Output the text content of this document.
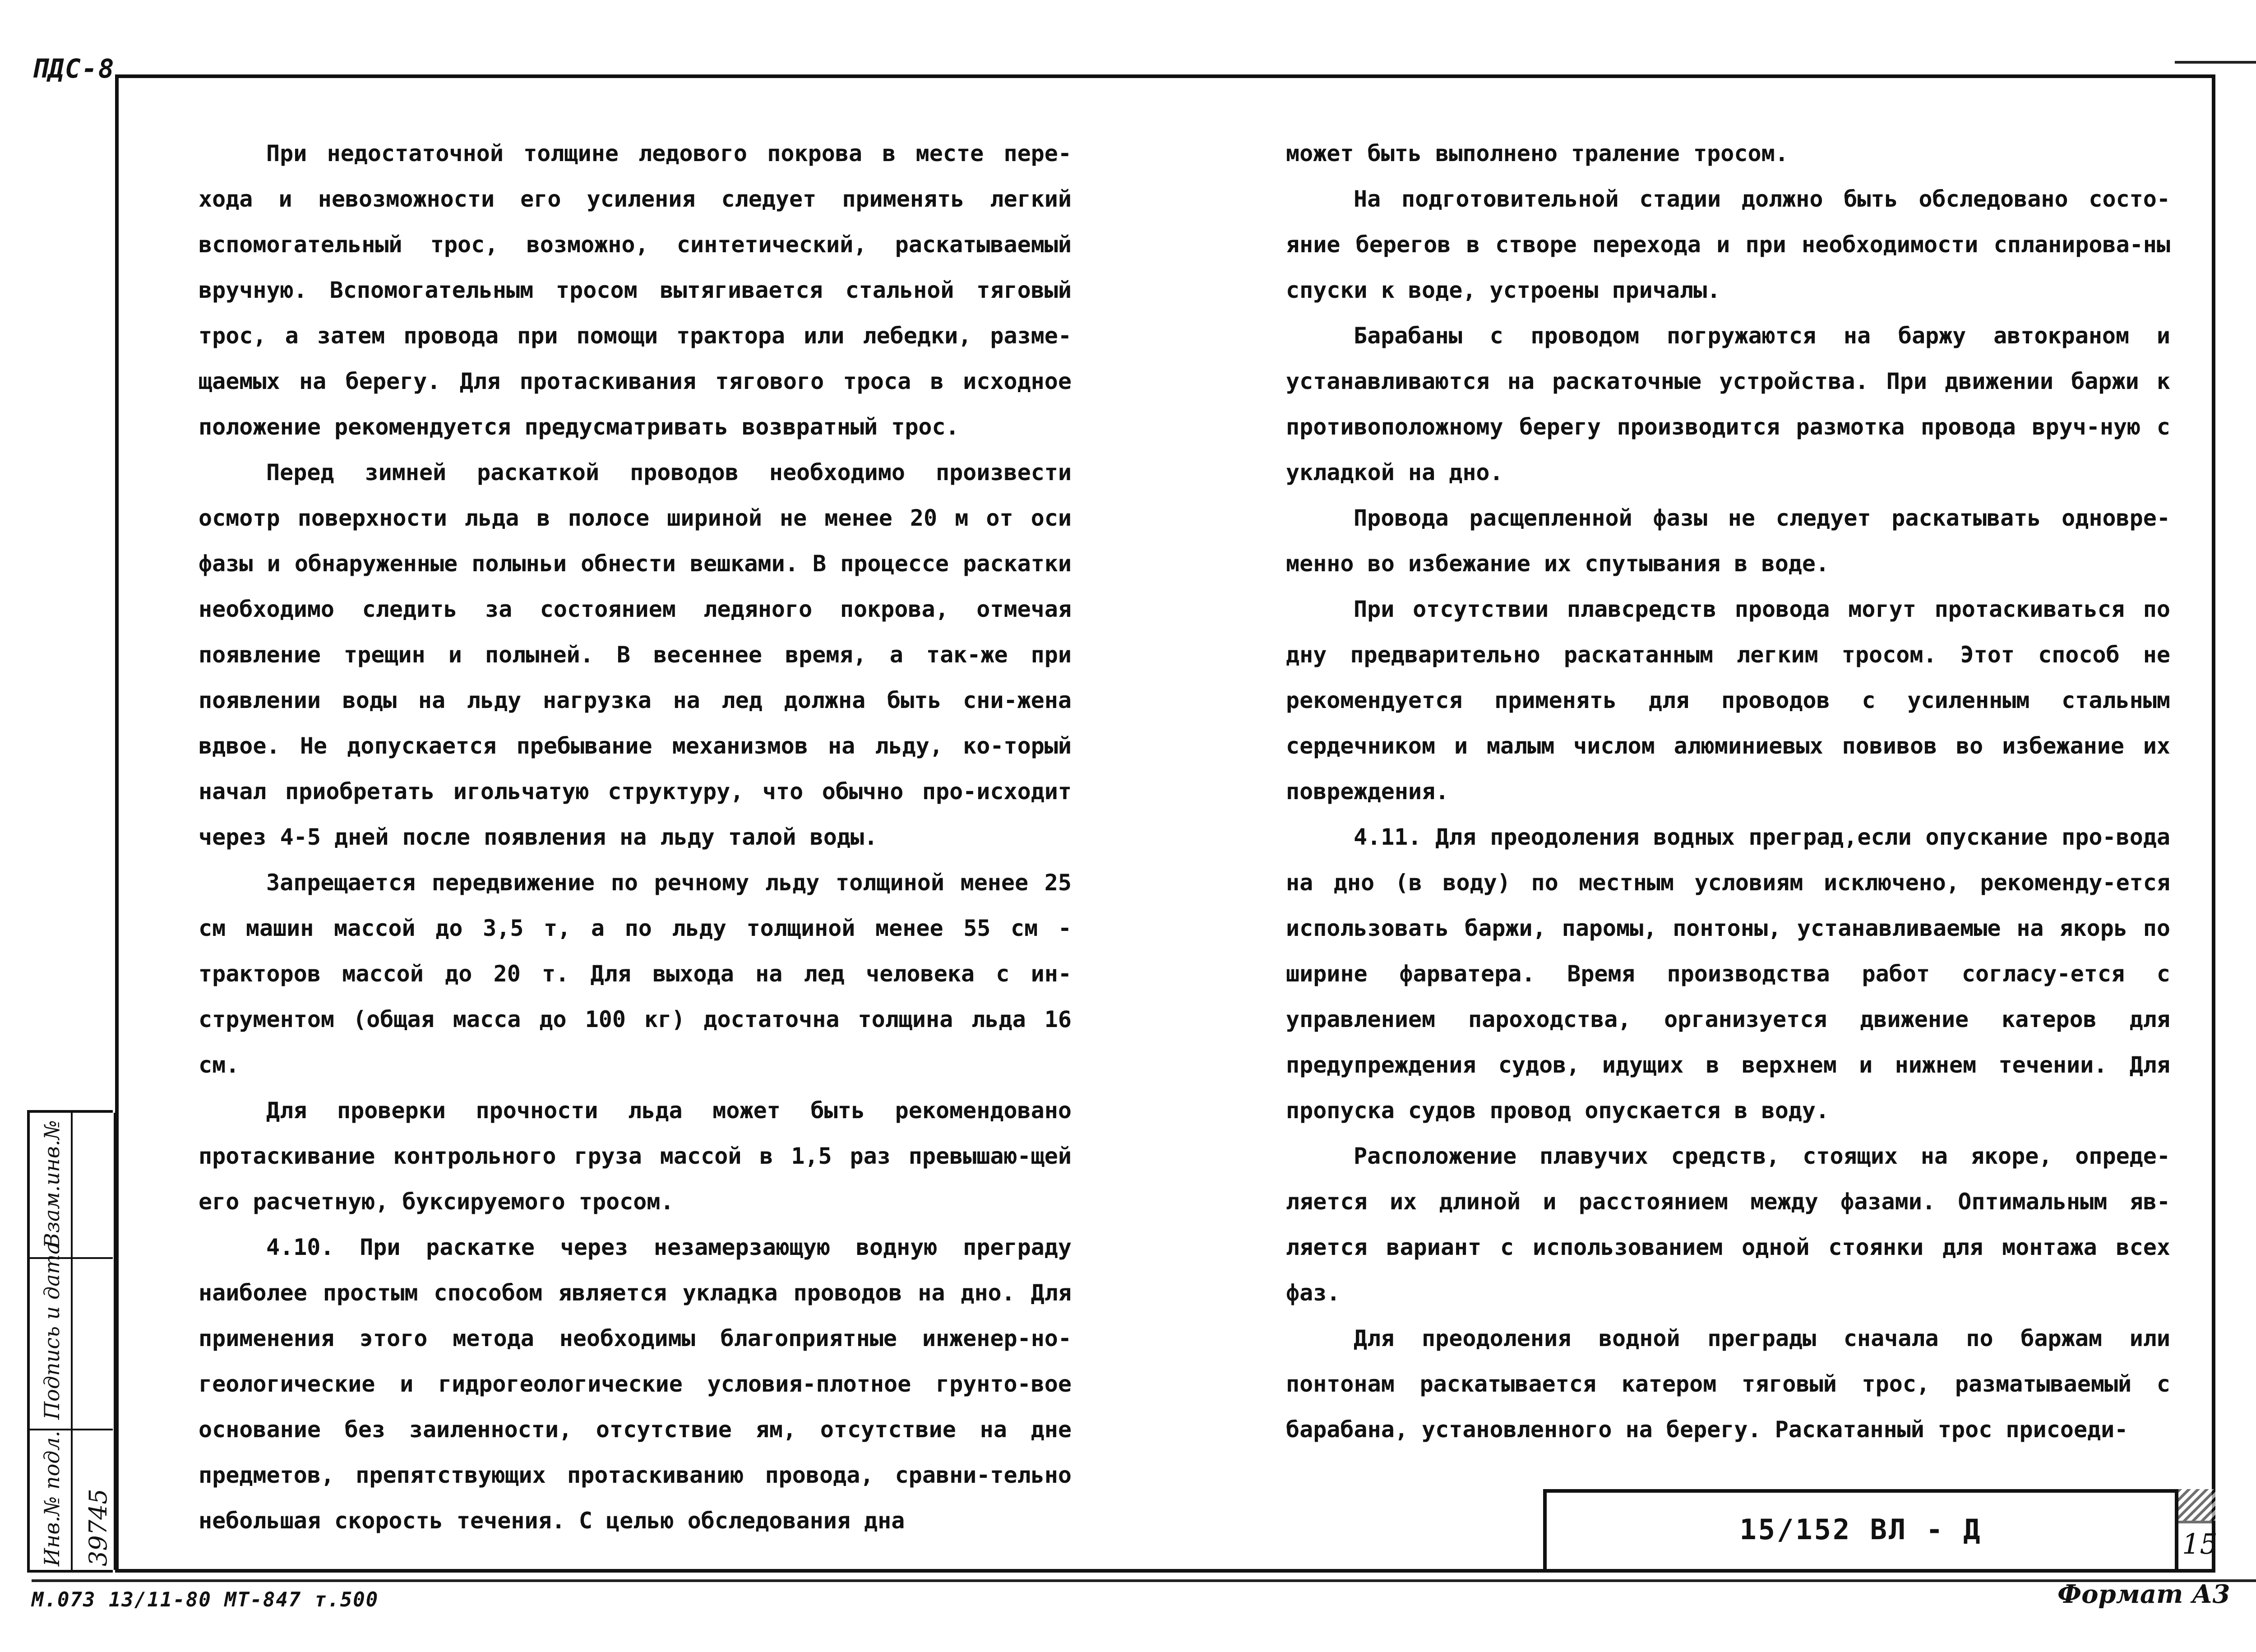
ПДС-8

При недостаточной толщине ледового покрова в месте пере-хода и невозможности его усиления следует применять легкий вспомогательный трос, возможно, синтетический, раскатываемый вручную. Вспомогательным тросом вытягивается стальной тяговый трос, а затем провода при помощи трактора или лебедки, разме-щаемых на берегу. Для протаскивания тягового троса в исходное положение рекомендуется предусматривать возвратный трос.

Перед зимней раскаткой проводов необходимо произвести осмотр поверхности льда в полосе шириной не менее 20 м от оси фазы и обнаруженные полыньи обнести вешками. В процессе раскатки необходимо следить за состоянием ледяного покрова, отмечая появление трещин и полыней. В весеннее время, а так-же при появлении воды на льду нагрузка на лед должна быть сни-жена вдвое. Не допускается пребывание механизмов на льду, ко-торый начал приобретать игольчатую структуру, что обычно про-исходит через 4-5 дней после появления на льду талой воды.

Запрещается передвижение по речному льду толщиной менее 25 см машин массой до 3,5 т, а по льду толщиной менее 55 см - тракторов массой до 20 т. Для выхода на лед человека с ин-струментом (общая масса до 100 кг) достаточна толщина льда 16 см.

Для проверки прочности льда может быть рекомендовано протаскивание контрольного груза массой в 1,5 раз превышаю-щей его расчетную, буксируемого тросом.

4.10. При раскатке через незамерзающую водную преграду наиболее простым способом является укладка проводов на дно. Для применения этого метода необходимы благоприятные инженер-но-геологические и гидрогеологические условия-плотное грунто-вое основание без заиленности, отсутствие ям, отсутствие на дне предметов, препятствующих протаскиванию провода, сравни-тельно небольшая скорость течения. С целью обследования дна

может быть выполнено траление тросом.

На подготовительной стадии должно быть обследовано состо-яние берегов в створе перехода и при необходимости спланирова-ны спуски к воде, устроены причалы.

Барабаны с проводом погружаются на баржу автокраном и устанавливаются на раскаточные устройства. При движении баржи к противоположному берегу производится размотка провода вруч-ную с укладкой на дно.

Провода расщепленной фазы не следует раскатывать одновре-менно во избежание их спутывания в воде.

При отсутствии плавсредств провода могут протаскиваться по дну предварительно раскатанным легким тросом. Этот способ не рекомендуется применять для проводов с усиленным стальным сердечником и малым числом алюминиевых повивов во избежание их повреждения.

4.11. Для преодоления водных преград,если опускание про-вода на дно (в воду) по местным условиям исключено, рекоменду-ется использовать баржи, паромы, понтоны, устанавливаемые на якорь по ширине фарватера. Время производства работ согласу-ется с управлением пароходства, организуется движение катеров для предупреждения судов, идущих в верхнем и нижнем течении. Для пропуска судов провод опускается в воду.

Расположение плавучих средств, стоящих на якоре, опреде-ляется их длиной и расстоянием между фазами. Оптимальным яв-ляется вариант с использованием одной стоянки для монтажа всех фаз.

Для преодоления водной преграды сначала по баржам или понтонам раскатывается катером тяговый трос, разматываемый с барабана, установленного на берегу. Раскатанный трос присоеди-

15/152 ВЛ - Д	15
Инв.№ подл.
Подпись и дата
Взам.инв.№
39745
М.073 13/11-80 МТ-847 т.500	Формат А3
